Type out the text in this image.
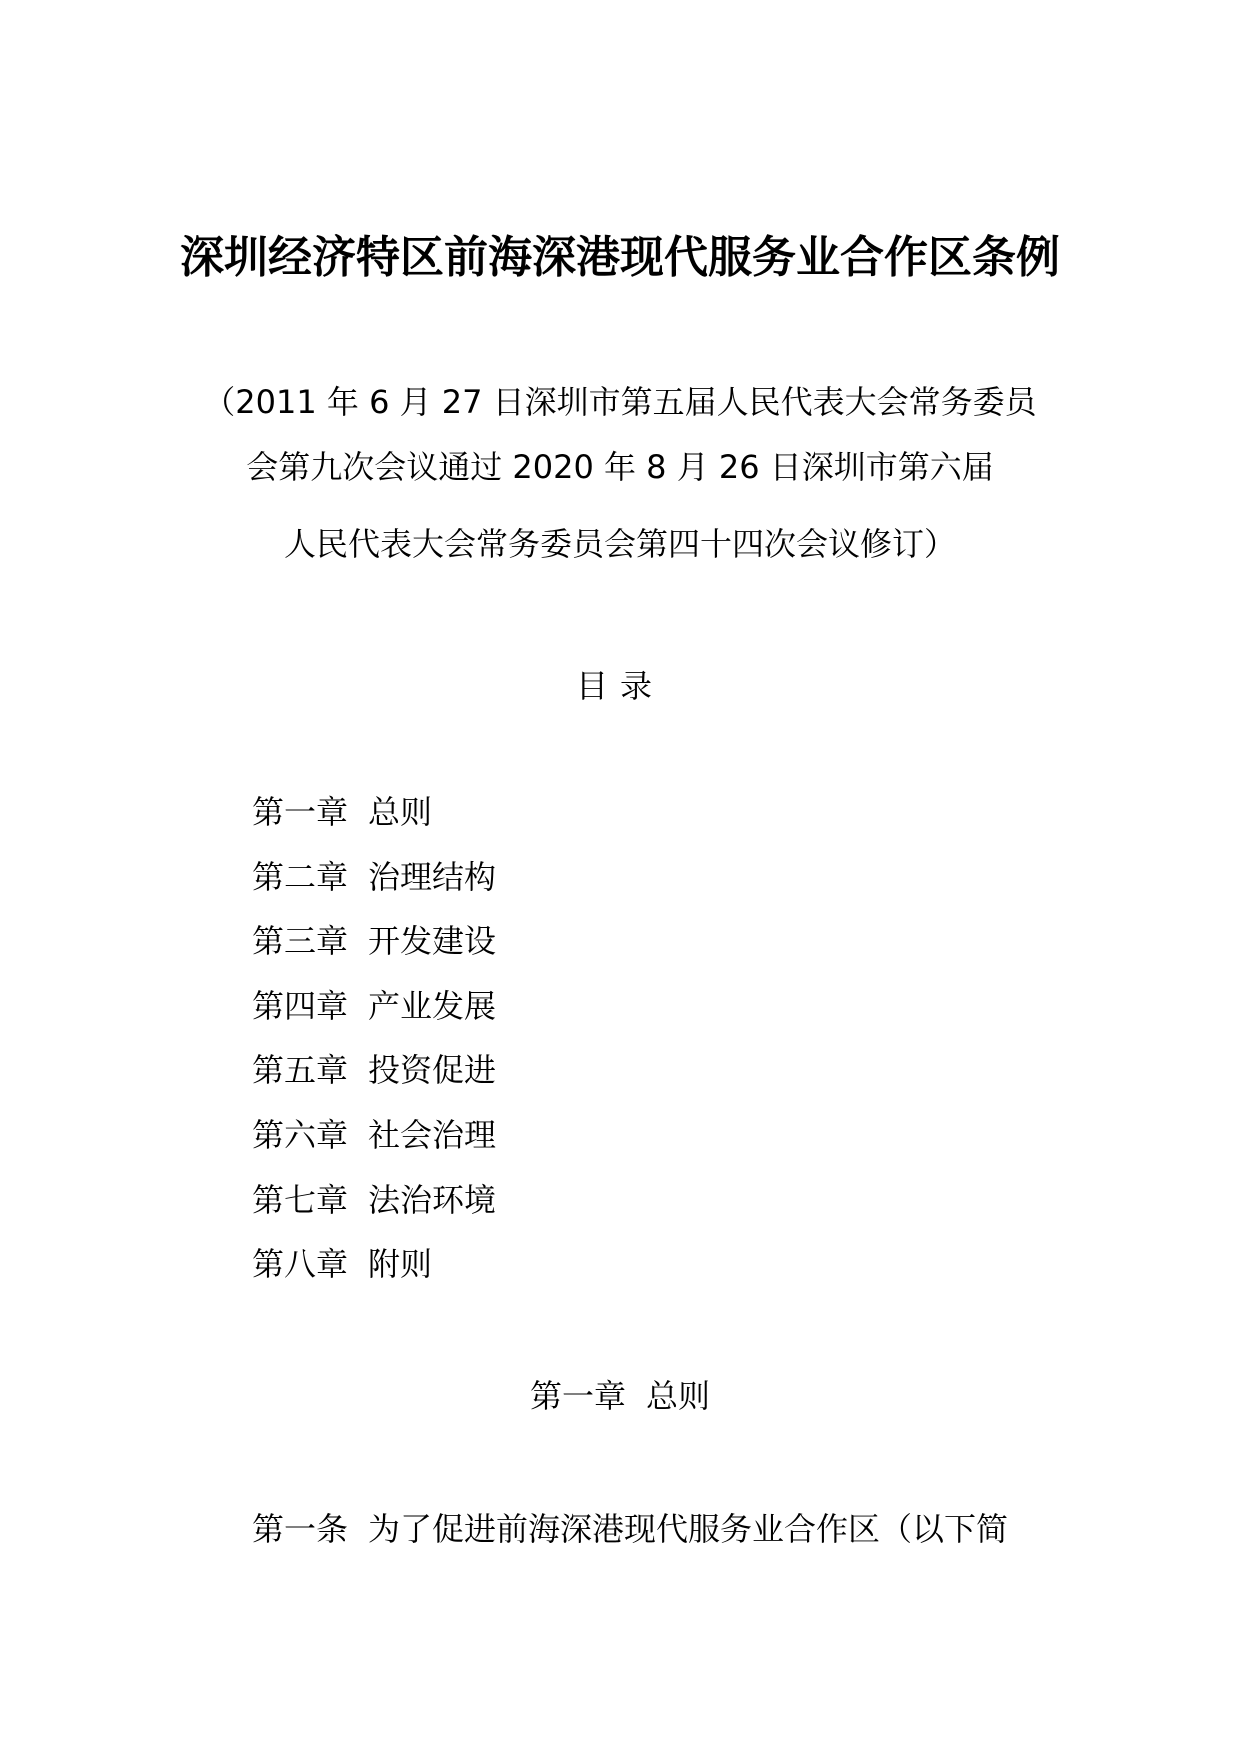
深圳经济特区前海深港现代服务业合作区条例
（2011 年 6 月 27 日深圳市第五届人民代表大会常务委员
会第九次会议通过 2020 年 8 月 26 日深圳市第六届
人民代表大会常务委员会第四十四次会议修订）
目录
第一章 总则
第二章 治理结构
第三章 开发建设
第四章 产业发展
第五章 投资促进
第六章 社会治理
第七章 法治环境
第八章 附则
第一章 总则
第一条 为了促进前海深港现代服务业合作区（以下简
